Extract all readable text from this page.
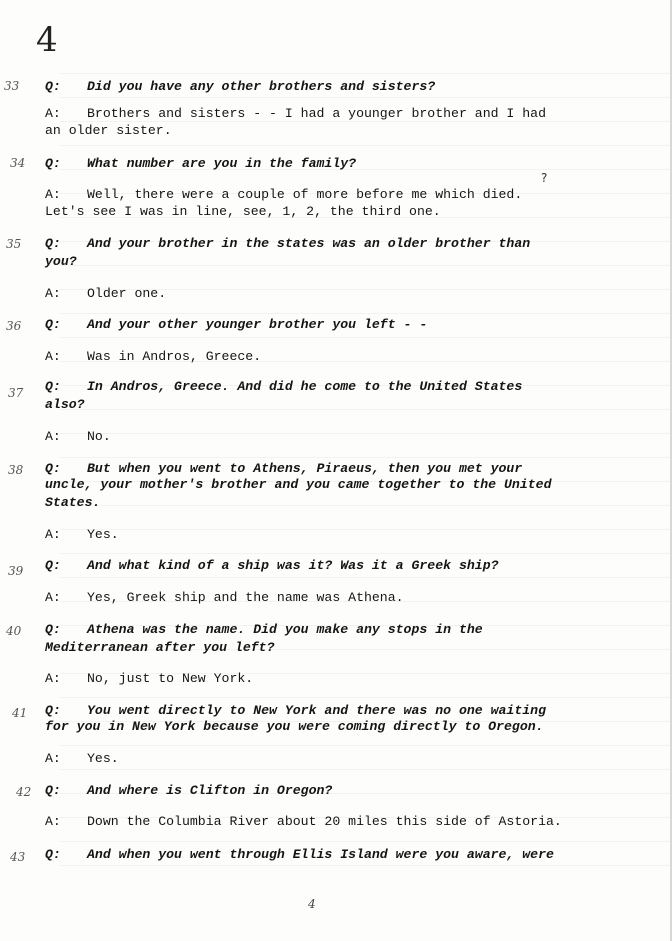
4
33 Q: Did you have any other brothers and sisters?
A: Brothers and sisters - - I had a younger brother and I had
an older sister.
34 Q: What number are you in the family?
A: Well, there were a couple of more before me which died.
Let's see I was in line, see, 1, 2, the third one.
35 Q: And your brother in the states was an older brother than
you?
A: Older one.
36 Q: And your other younger brother you left - -
A: Was in Andros, Greece.
37 Q: In Andros, Greece. And did he come to the United States
also?
A: No.
38 Q: But when you went to Athens, Piraeus, then you met your
uncle, your mother's brother and you came together to the United
States.
A: Yes.
39 Q: And what kind of a ship was it? Was it a Greek ship?
A: Yes, Greek ship and the name was Athena.
40 Q: Athena was the name. Did you make any stops in the
Mediterranean after you left?
A: No, just to New York.
41 Q: You went directly to New York and there was no one waiting
for you in New York because you were coming directly to Oregon.
A: Yes.
42 Q: And where is Clifton in Oregon?
A: Down the Columbia River about 20 miles this side of Astoria.
43 Q: And when you went through Ellis Island were you aware, were
?
4
